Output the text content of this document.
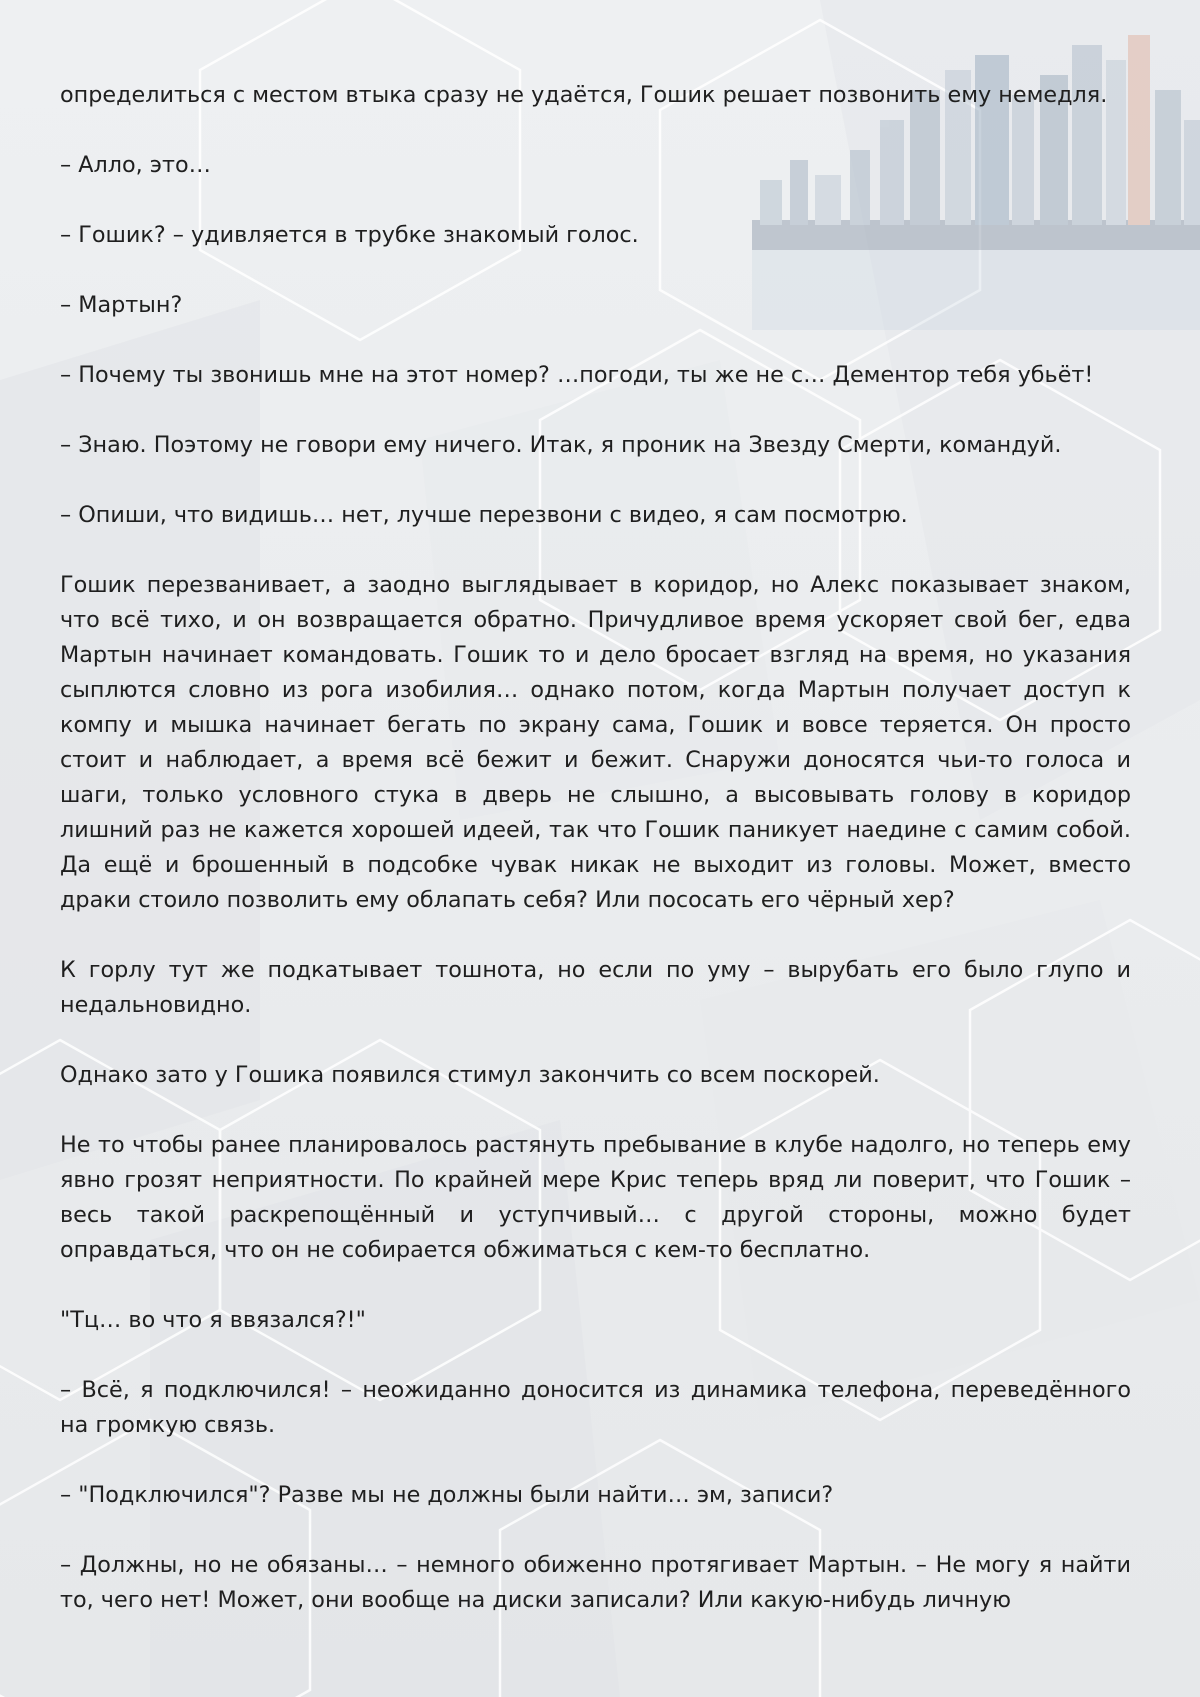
определиться с местом втыка сразу не удаётся, Гошик решает позвонить ему немедля.

– Алло, это…

– Гошик? – удивляется в трубке знакомый голос.

– Мартын?

– Почему ты звонишь мне на этот номер? …погоди, ты же не с… Дементор тебя убьёт!

– Знаю. Поэтому не говори ему ничего. Итак, я проник на Звезду Смерти, командуй.

– Опиши, что видишь… нет, лучше перезвони с видео, я сам посмотрю.

Гошик перезванивает, а заодно выглядывает в коридор, но Алекс показывает знаком, что всё тихо, и он возвращается обратно. Причудливое время ускоряет свой бег, едва Мартын начинает командовать. Гошик то и дело бросает взгляд на время, но указания сыплются словно из рога изобилия… однако потом, когда Мартын получает доступ к компу и мышка начинает бегать по экрану сама, Гошик и вовсе теряется. Он просто стоит и наблюдает, а время всё бежит и бежит. Снаружи доносятся чьи-то голоса и шаги, только условного стука в дверь не слышно, а высовывать голову в коридор лишний раз не кажется хорошей идеей, так что Гошик паникует наедине с самим собой. Да ещё и брошенный в подсобке чувак никак не выходит из головы. Может, вместо драки стоило позволить ему облапать себя? Или пососать его чёрный хер?

К горлу тут же подкатывает тошнота, но если по уму – вырубать его было глупо и недальновидно.

Однако зато у Гошика появился стимул закончить со всем поскорей.

Не то чтобы ранее планировалось растянуть пребывание в клубе надолго, но теперь ему явно грозят неприятности. По крайней мере Крис теперь вряд ли поверит, что Гошик – весь такой раскрепощённый и уступчивый… с другой стороны, можно будет оправдаться, что он не собирается обжиматься с кем-то бесплатно.

"Тц… во что я ввязался?!"

– Всё, я подключился! – неожиданно доносится из динамика телефона, переведённого на громкую связь.

– "Подключился"? Разве мы не должны были найти… эм, записи?

– Должны, но не обязаны… – немного обиженно протягивает Мартын. – Не могу я найти то, чего нет! Может, они вообще на диски записали? Или какую-нибудь личную
